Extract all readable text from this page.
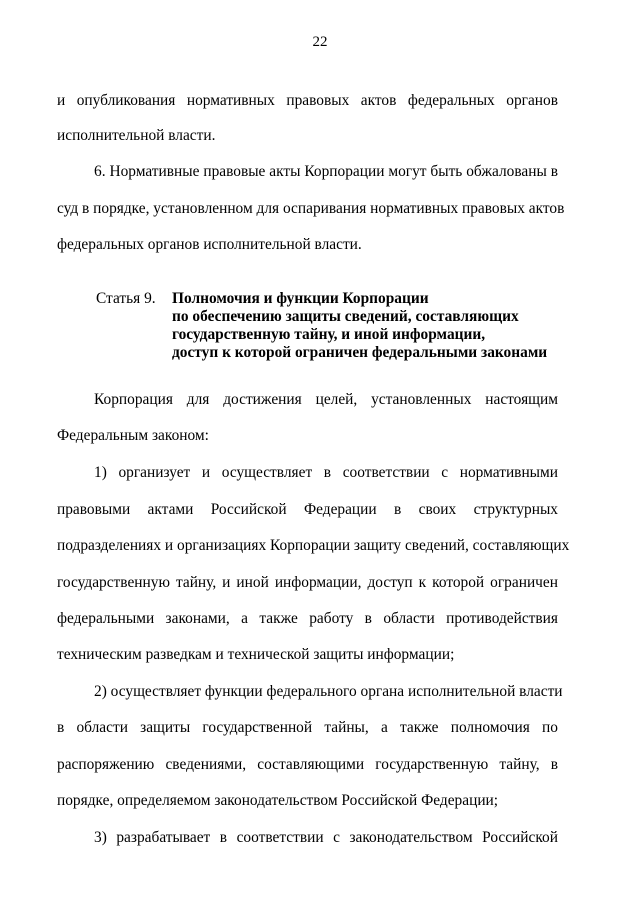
22
и опубликования нормативных правовых актов федеральных органов
исполнительной власти.
6. Нормативные правовые акты Корпорации могут быть обжалованы в
суд в порядке, установленном для оспаривания нормативных правовых актов
федеральных органов исполнительной власти.
Статья 9. Полномочия и функции Корпорации
по обеспечению защиты сведений, составляющих
государственную тайну, и иной информации,
доступ к которой ограничен федеральными законами
Корпорация для достижения целей, установленных настоящим
Федеральным законом:
1) организует и осуществляет в соответствии с нормативными
правовыми актами Российской Федерации в своих структурных
подразделениях и организациях Корпорации защиту сведений, составляющих
государственную тайну, и иной информации, доступ к которой ограничен
федеральными законами, а также работу в области противодействия
техническим разведкам и технической защиты информации;
2) осуществляет функции федерального органа исполнительной власти
в области защиты государственной тайны, а также полномочия по
распоряжению сведениями, составляющими государственную тайну, в
порядке, определяемом законодательством Российской Федерации;
3) разрабатывает в соответствии с законодательством Российской
